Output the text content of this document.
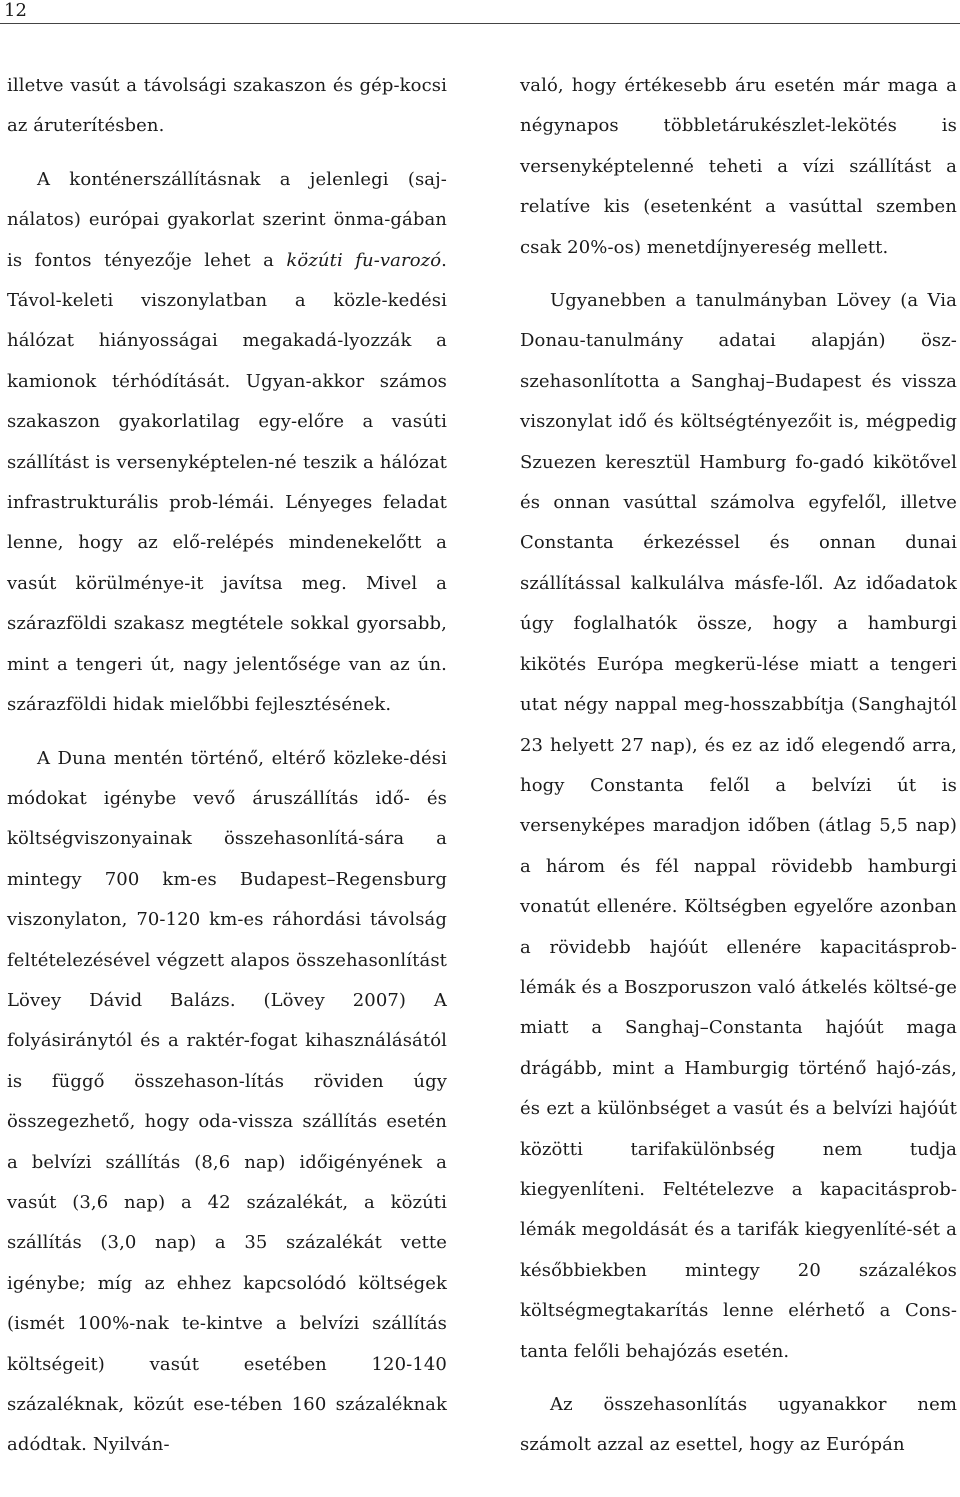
12

illetve vasút a távolsági szakaszon és gép-kocsi az áruterítésben.

A konténerszállításnak a jelenlegi (saj-nálatos) európai gyakorlat szerint önma-gában is fontos tényezője lehet a közúti fu-varozó. Távol-keleti viszonylatban a közle-kedési hálózat hiányosságai megakadá-lyozzák a kamionok térhódítását. Ugyan-akkor számos szakaszon gyakorlatilag egy-előre a vasúti szállítást is versenyképtelen-né teszik a hálózat infrastrukturális prob-lémái. Lényeges feladat lenne, hogy az elő-relépés mindenekelőtt a vasút körülménye-it javítsa meg. Mivel a szárazföldi szakasz megtétele sokkal gyorsabb, mint a tengeri út, nagy jelentősége van az ún. szárazföldi hidak mielőbbi fejlesztésének.

A Duna mentén történő, eltérő közleke-dési módokat igénybe vevő áruszállítás idő- és költségviszonyainak összehasonlítá-sára a mintegy 700 km-es Budapest–Regensburg viszonylaton, 70-120 km-es ráhordási távolság feltételezésével végzett alapos összehasonlítást Lövey Dávid Balázs. (Lövey 2007) A folyásiránytól és a raktér-fogat kihasználásától is függő összehason-lítás röviden úgy összegezhető, hogy oda-vissza szállítás esetén a belvízi szállítás (8,6 nap) időigényének a vasút (3,6 nap) a 42 százalékát, a közúti szállítás (3,0 nap) a 35 százalékát vette igénybe; míg az ehhez kapcsolódó költségek (ismét 100%-nak te-kintve a belvízi szállítás költségeit) vasút esetében 120-140 százaléknak, közút ese-tében 160 százaléknak adódtak. Nyilván-

való, hogy értékesebb áru esetén már maga a négynapos többletárukészlet-lekötés is versenyképtelenné teheti a vízi szállítást a relatíve kis (esetenként a vasúttal szemben csak 20%-os) menetdíjnyereség mellett.

Ugyanebben a tanulmányban Lövey (a Via Donau-tanulmány adatai alapján) ösz-szehasonlította a Sanghaj–Budapest és vissza viszonylat idő és költségtényezőit is, mégpedig Szuezen keresztül Hamburg fo-gadó kikötővel és onnan vasúttal számolva egyfelől, illetve Constanta érkezéssel és onnan dunai szállítással kalkulálva másfe-lől. Az időadatok úgy foglalhatók össze, hogy a hamburgi kikötés Európa megkerü-lése miatt a tengeri utat négy nappal meg-hosszabbítja (Sanghajtól 23 helyett 27 nap), és ez az idő elegendő arra, hogy Constanta felől a belvízi út is versenyképes maradjon időben (átlag 5,5 nap) a három és fél nappal rövidebb hamburgi vonatút ellenére. Költségben egyelőre azonban a rövidebb hajóút ellenére kapacitásprob-lémák és a Boszporuszon való átkelés költsé-ge miatt a Sanghaj–Constanta hajóút maga drágább, mint a Hamburgig történő hajó-zás, és ezt a különbséget a vasút és a belvízi hajóút közötti tarifakülönbség nem tudja kiegyenlíteni. Feltételezve a kapacitásprob-lémák megoldását és a tarifák kiegyenlíté-sét a későbbiekben mintegy 20 százalékos költségmegtakarítás lenne elérhető a Cons-tanta felőli behajózás esetén.

Az összehasonlítás ugyanakkor nem számolt azzal az esettel, hogy az Európán
